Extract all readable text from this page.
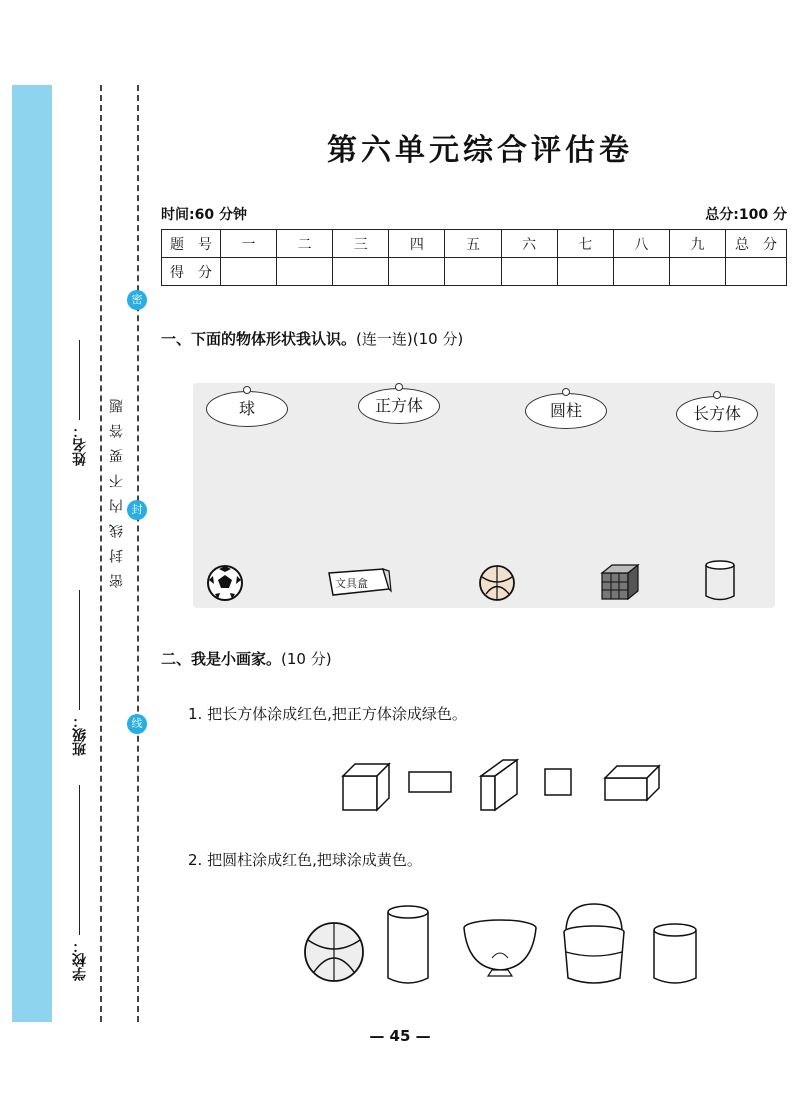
姓名：
班级：
学校：
密封线内不要答题
密
封
线
第六单元综合评估卷
时间:60 分钟	总分:100 分
题　号	一	二	三	四	五	六	七	八	九	总　分
得　分										
一、下面的物体形状我认识。(连一连)(10 分)
球	正方体	圆柱	长方体
文具盒
二、我是小画家。(10 分)
1. 把长方体涂成红色,把正方体涂成绿色。
2. 把圆柱涂成红色,把球涂成黄色。
— 45 —
